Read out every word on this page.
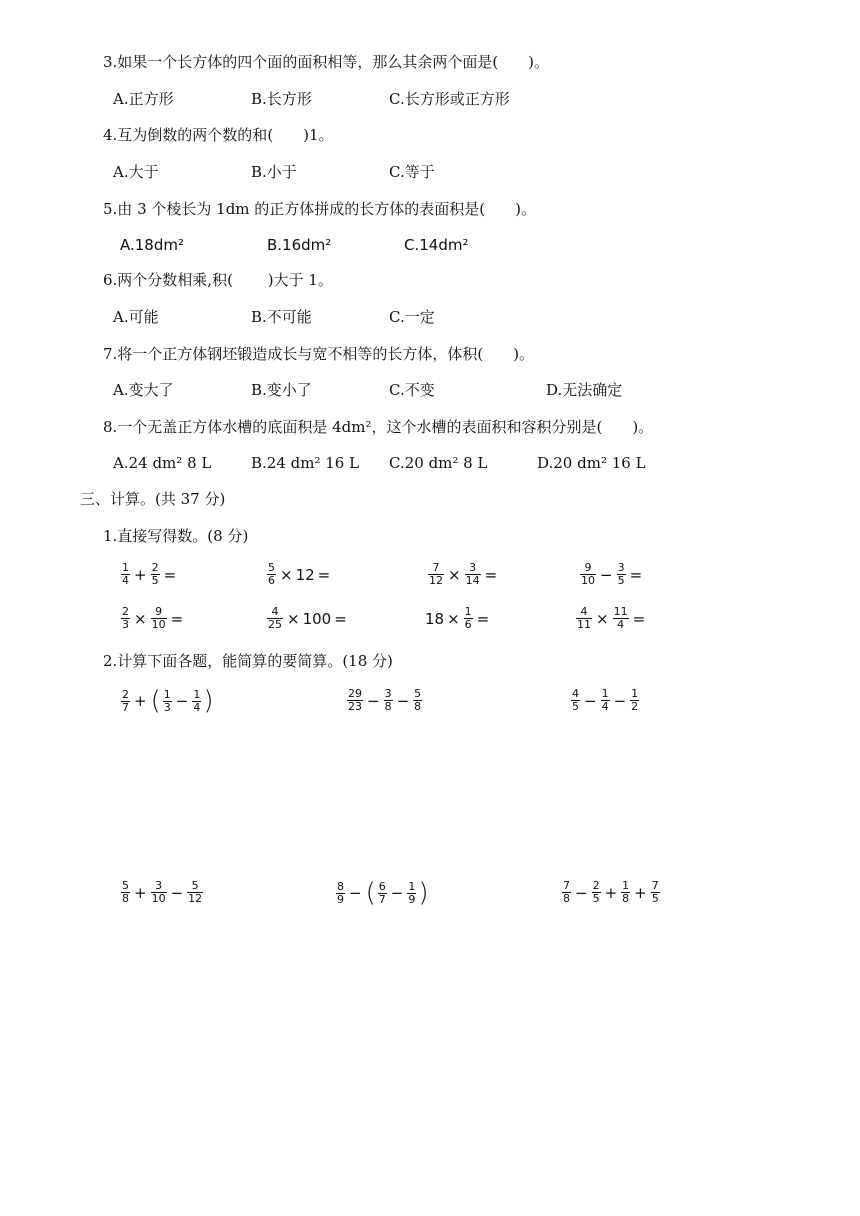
3.如果一个长方体的四个面的面积相等，那么其余两个面是(　　)。
A.正方形	B.长方形	C.长方形或正方形
4.互为倒数的两个数的和(　　)1。
A.大于	B.小于	C.等于
5.由 3 个棱长为 1dm 的正方体拼成的长方体的表面积是(　　)。
A.18dm²	B.16dm²	C.14dm²
6.两个分数相乘,积(　　 )大于 1。
A.可能	B.不可能	C.一定
7.将一个正方体钢坯锻造成长与宽不相等的长方体，体积(　　)。
A.变大了	B.变小了	C.不变	D.无法确定
8.一个无盖正方体水槽的底面积是 4dm²，这个水槽的表面积和容积分别是(　　)。
A.24 dm² 8 L	B.24 dm² 16 L C.20 dm² 8 L	D.20 dm² 16 L
三、计算。(共 37 分)
1.直接写得数。(8 分)
$\frac{1}{4} + \frac{2}{5}$ =	$\frac{5}{6} \times 12$ =	$\frac{7}{12} \times \frac{3}{14}$ =	$\frac{9}{10} - \frac{3}{5}$ =
$\frac{2}{3} \times \frac{9}{10}$ =	$\frac{4}{25} \times 100$ =	$18 \times \frac{1}{6}$ =	$\frac{4}{11} \times \frac{11}{4}$ =
2.计算下面各题，能简算的要简算。(18 分)
$\frac{2}{7}$ + ( $\frac{1}{3} - \frac{1}{4}$ )	$\frac{29}{23} - \frac{3}{8} - \frac{5}{8}$	$\frac{4}{5} - \frac{1}{4} - \frac{1}{2}$
$\frac{5}{8} + \frac{3}{10} - \frac{5}{12}$	$\frac{8}{9}$ − ( $\frac{6}{7} - \frac{1}{9}$ )	$\frac{7}{8} - \frac{2}{5} + \frac{1}{8} + \frac{7}{5}$
